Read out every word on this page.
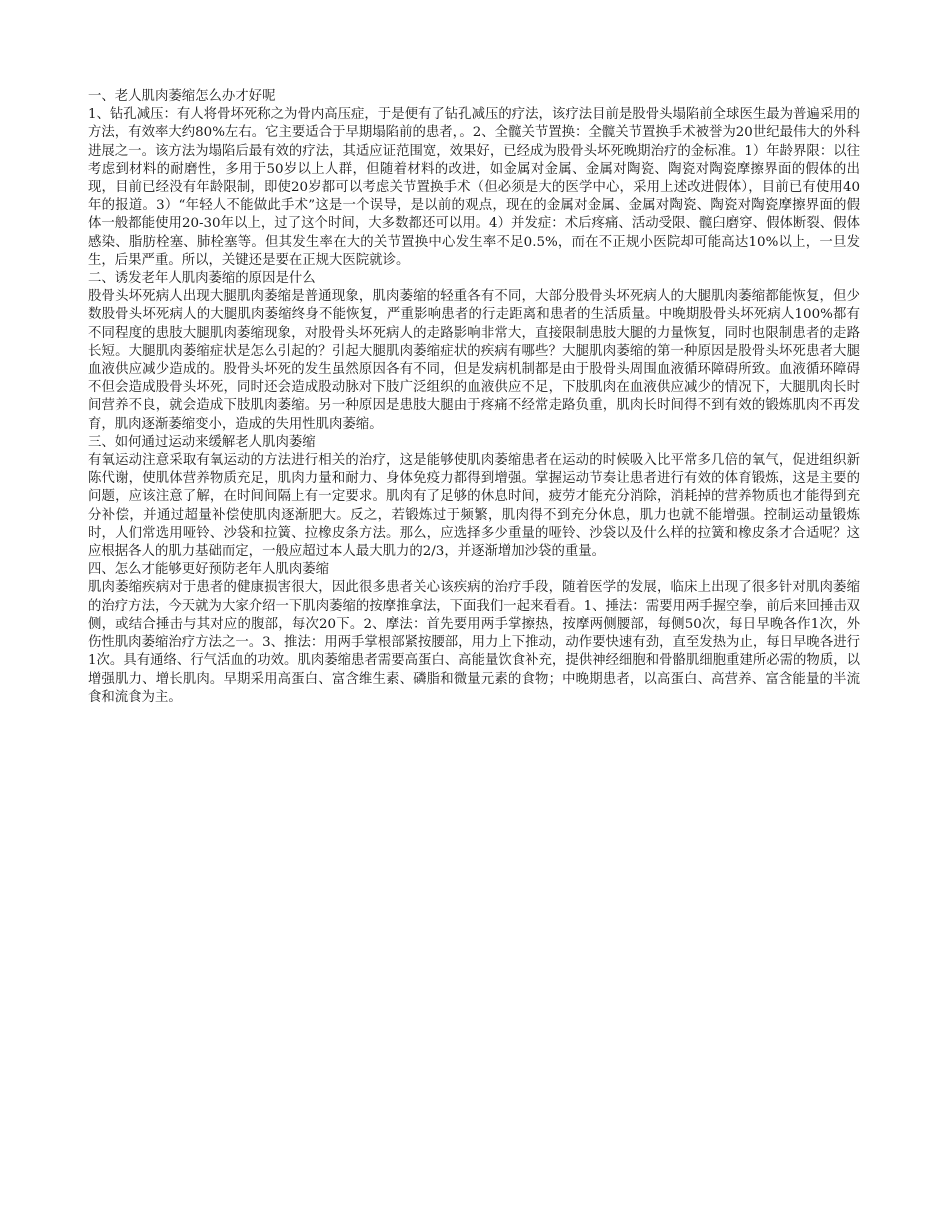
一、老人肌肉萎缩怎么办才好呢

1、钻孔减压：有人将骨坏死称之为骨内高压症，于是便有了钻孔减压的疗法，该疗法目前是股骨头塌陷前全球医生最为普遍采用的方法，有效率大约80%左右。它主要适合于早期塌陷前的患者，。2、全髋关节置换：全髋关节置换手术被誉为20世纪最伟大的外科进展之一。该方法为塌陷后最有效的疗法，其适应证范围宽，效果好，已经成为股骨头坏死晚期治疗的金标准。1）年龄界限：以往考虑到材料的耐磨性，多用于50岁以上人群，但随着材料的改进，如金属对金属、金属对陶瓷、陶瓷对陶瓷摩擦界面的假体的出现，目前已经没有年龄限制，即使20岁都可以考虑关节置换手术（但必须是大的医学中心，采用上述改进假体），目前已有使用40年的报道。3）“年轻人不能做此手术”这是一个误导，是以前的观点，现在的金属对金属、金属对陶瓷、陶瓷对陶瓷摩擦界面的假体一般都能使用20-30年以上，过了这个时间，大多数都还可以用。4）并发症：术后疼痛、活动受限、髋臼磨穿、假体断裂、假体感染、脂肪栓塞、肺栓塞等。但其发生率在大的关节置换中心发生率不足0.5%，而在不正规小医院却可能高达10%以上，一旦发生，后果严重。所以，关键还是要在正规大医院就诊。

二、诱发老年人肌肉萎缩的原因是什么

股骨头坏死病人出现大腿肌肉萎缩是普通现象，肌肉萎缩的轻重各有不同，大部分股骨头坏死病人的大腿肌肉萎缩都能恢复，但少数股骨头坏死病人的大腿肌肉萎缩终身不能恢复，严重影响患者的行走距离和患者的生活质量。中晚期股骨头坏死病人100%都有不同程度的患肢大腿肌肉萎缩现象，对股骨头坏死病人的走路影响非常大，直接限制患肢大腿的力量恢复，同时也限制患者的走路长短。大腿肌肉萎缩症状是怎么引起的？引起大腿肌肉萎缩症状的疾病有哪些？大腿肌肉萎缩的第一种原因是股骨头坏死患者大腿血液供应减少造成的。股骨头坏死的发生虽然原因各有不同，但是发病机制都是由于股骨头周围血液循环障碍所致。血液循环障碍不但会造成股骨头坏死，同时还会造成股动脉对下肢广泛组织的血液供应不足，下肢肌肉在血液供应减少的情况下，大腿肌肉长时间营养不良，就会造成下肢肌肉萎缩。另一种原因是患肢大腿由于疼痛不经常走路负重，肌肉长时间得不到有效的锻炼肌肉不再发育，肌肉逐渐萎缩变小，造成的失用性肌肉萎缩。

三、如何通过运动来缓解老人肌肉萎缩

有氧运动注意采取有氧运动的方法进行相关的治疗，这是能够使肌肉萎缩患者在运动的时候吸入比平常多几倍的氧气，促进组织新陈代谢，使肌体营养物质充足，肌肉力量和耐力、身体免疫力都得到增强。掌握运动节奏让患者进行有效的体育锻炼，这是主要的问题，应该注意了解，在时间间隔上有一定要求。肌肉有了足够的休息时间，疲劳才能充分消除，消耗掉的营养物质也才能得到充分补偿，并通过超量补偿使肌肉逐渐肥大。反之，若锻炼过于频繁，肌肉得不到充分休息，肌力也就不能增强。控制运动量锻炼时，人们常选用哑铃、沙袋和拉簧、拉橡皮条方法。那么，应选择多少重量的哑铃、沙袋以及什么样的拉簧和橡皮条才合适呢？这应根据各人的肌力基础而定，一般应超过本人最大肌力的2/3，并逐渐增加沙袋的重量。

四、怎么才能够更好预防老年人肌肉萎缩

肌肉萎缩疾病对于患者的健康损害很大，因此很多患者关心该疾病的治疗手段，随着医学的发展，临床上出现了很多针对肌肉萎缩的治疗方法，今天就为大家介绍一下肌肉萎缩的按摩推拿法，下面我们一起来看看。1、捶法：需要用两手握空拳，前后来回捶击双侧，或结合捶击与其对应的腹部，每次20下。2、摩法：首先要用两手掌擦热，按摩两侧腰部，每侧50次，每日早晚各作1次，外伤性肌肉萎缩治疗方法之一。3、推法：用两手掌根部紧按腰部，用力上下推动，动作要快速有劲，直至发热为止，每日早晚各进行1次。具有通络、行气活血的功效。肌肉萎缩患者需要高蛋白、高能量饮食补充，提供神经细胞和骨骼肌细胞重建所必需的物质，以增强肌力、增长肌肉。早期采用高蛋白、富含维生素、磷脂和微量元素的食物；中晚期患者，以高蛋白、高营养、富含能量的半流食和流食为主。
